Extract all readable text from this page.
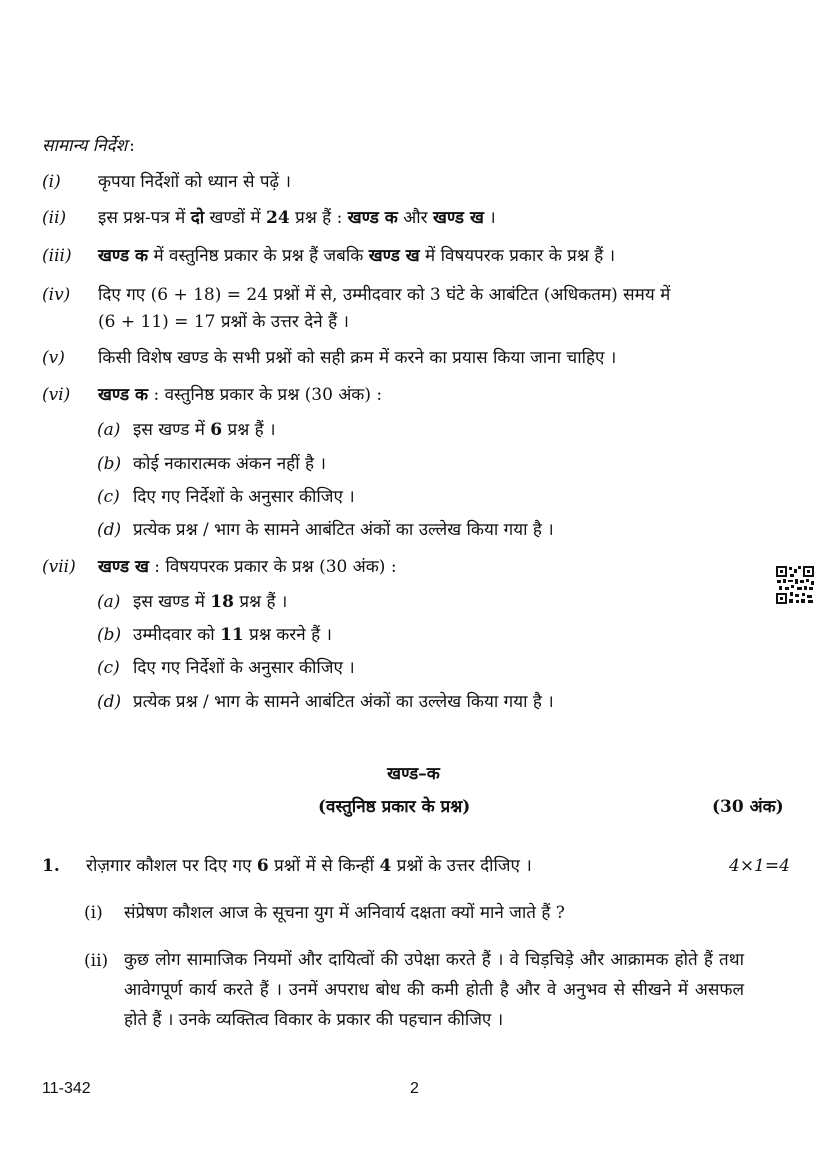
सामान्य निर्देश :
(i) कृपया निर्देशों को ध्यान से पढ़ें ।
(ii) इस प्रश्न-पत्र में दो खण्डों में 24 प्रश्न हैं : खण्ड क और खण्ड ख ।
(iii) खण्ड क में वस्तुनिष्ठ प्रकार के प्रश्न हैं जबकि खण्ड ख में विषयपरक प्रकार के प्रश्न हैं ।
(iv) दिए गए (6 + 18) = 24 प्रश्नों में से, उम्मीदवार को 3 घंटे के आबंटित (अधिकतम) समय में
(6 + 11) = 17 प्रश्नों के उत्तर देने हैं ।
(v) किसी विशेष खण्ड के सभी प्रश्नों को सही क्रम में करने का प्रयास किया जाना चाहिए ।
(vi) खण्ड क : वस्तुनिष्ठ प्रकार के प्रश्न (30 अंक) :
(a) इस खण्ड में 6 प्रश्न हैं ।
(b) कोई नकारात्मक अंकन नहीं है ।
(c) दिए गए निर्देशों के अनुसार कीजिए ।
(d) प्रत्येक प्रश्न / भाग के सामने आबंटित अंकों का उल्लेख किया गया है ।
(vii) खण्ड ख : विषयपरक प्रकार के प्रश्न (30 अंक) :
(a) इस खण्ड में 18 प्रश्न हैं ।
(b) उम्मीदवार को 11 प्रश्न करने हैं ।
(c) दिए गए निर्देशों के अनुसार कीजिए ।
(d) प्रत्येक प्रश्न / भाग के सामने आबंटित अंकों का उल्लेख किया गया है ।
खण्ड–क
(वस्तुनिष्ठ प्रकार के प्रश्न)	(30 अंक)
1. रोज़गार कौशल पर दिए गए 6 प्रश्नों में से किन्हीं 4 प्रश्नों के उत्तर दीजिए ।	4×1=4
(i) संप्रेषण कौशल आज के सूचना युग में अनिवार्य दक्षता क्यों माने जाते हैं ?
(ii) कुछ लोग सामाजिक नियमों और दायित्वों की उपेक्षा करते हैं । वे चिड़चिड़े और आक्रामक होते हैं तथा आवेगपूर्ण कार्य करते हैं । उनमें अपराध बोध की कमी होती है और वे अनुभव से सीखने में असफल होते हैं । उनके व्यक्तित्व विकार के प्रकार की पहचान कीजिए ।
11-342	2
